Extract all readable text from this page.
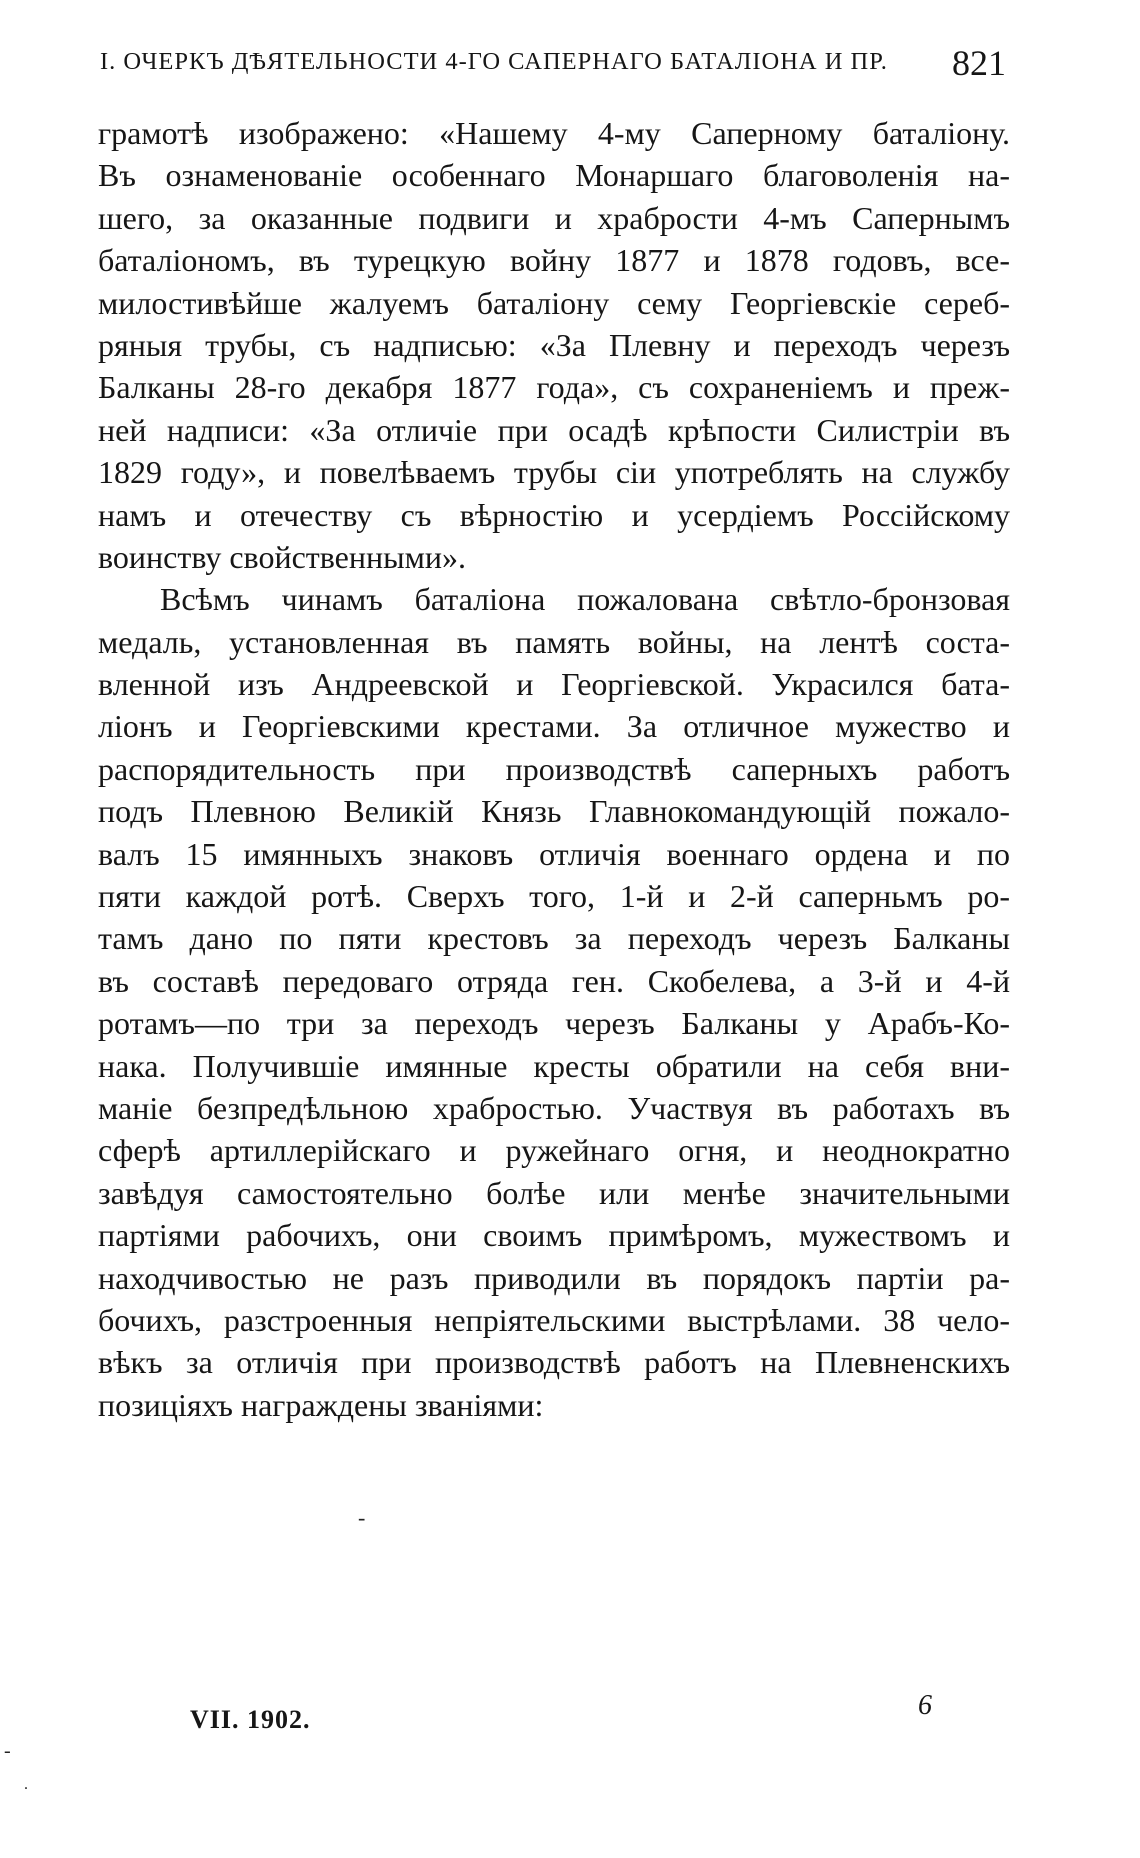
I. ОЧЕРКЪ ДѢЯТЕЛЬНОСТИ 4-ГО САПЕРНАГО БАТАЛІОНА И ПР. 821
грамотѣ изображено: «Нашему 4-му Саперному баталіону.
Въ ознаменованіе особеннаго Монаршаго благоволенія на-
шего, за оказанные подвиги и храбрости 4-мъ Сапернымъ
баталіономъ, въ турецкую войну 1877 и 1878 годовъ, все-
милостивѣйше жалуемъ баталіону сему Георгіевскіе сереб-
ряныя трубы, съ надписью: «За Плевну и переходъ черезъ
Балканы 28-го декабря 1877 года», съ сохраненіемъ и преж-
ней надписи: «За отличіе при осадѣ крѣпости Силистріи въ
1829 году», и повелѣваемъ трубы сіи употреблять на службу
намъ и отечеству съ вѣрностію и усердіемъ Россійскому
воинству свойственными».
Всѣмъ чинамъ баталіона пожалована свѣтло-бронзовая
медаль, установленная въ память войны, на лентѣ соста-
вленной изъ Андреевской и Георгіевской. Украсился бата-
ліонъ и Георгіевскими крестами. За отличное мужество и
распорядительность при производствѣ саперныхъ работъ
подъ Плевною Великій Князь Главнокомандующій пожало-
валъ 15 имянныхъ знаковъ отличія военнаго ордена и по
пяти каждой ротѣ. Сверхъ того, 1-й и 2-й саперньмъ ро-
тамъ дано по пяти крестовъ за переходъ черезъ Балканы
въ составѣ передоваго отряда ген. Скобелева, а 3-й и 4-й
ротамъ—по три за переходъ черезъ Балканы у Арабъ-Ко-
нака. Получившіе имянные кресты обратили на себя вни-
маніе безпредѣльною храбростью. Участвуя въ работахъ въ
сферѣ артиллерійскаго и ружейнаго огня, и неоднократно
завѣдуя самостоятельно болѣе или менѣе значительными
партіями рабочихъ, они своимъ примѣромъ, мужествомъ и
находчивостью не разъ приводили въ порядокъ партіи ра-
бочихъ, разстроенныя непріятельскими выстрѣлами. 38 чело-
вѣкъ за отличія при производствѣ работъ на Плевненскихъ
позиціяхъ награждены званіями:
-
-
.
VII. 1902.	6
